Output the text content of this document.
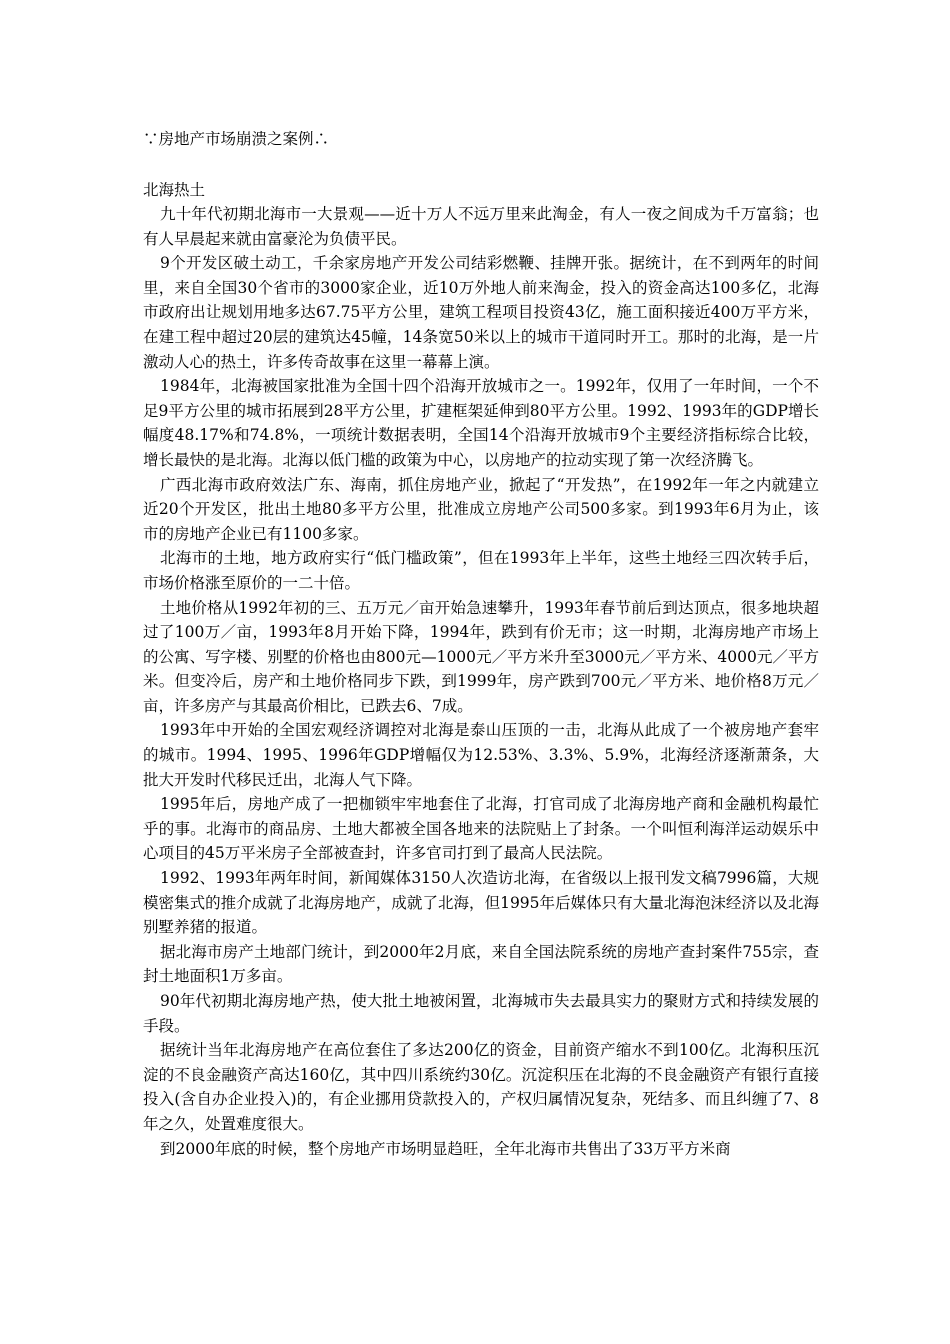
∵房地产市场崩溃之案例∴
北海热土

九十年代初期北海市一大景观——近十万人不远万里来此淘金，有人一夜之间成为千万富翁；也有人早晨起来就由富豪沦为负债平民。

9个开发区破土动工，千余家房地产开发公司结彩燃鞭、挂牌开张。据统计，在不到两年的时间里，来自全国30个省市的3000家企业，近10万外地人前来淘金，投入的资金高达100多亿，北海市政府出让规划用地多达67.75平方公里，建筑工程项目投资43亿，施工面积接近400万平方米，在建工程中超过20层的建筑达45幢，14条宽50米以上的城市干道同时开工。那时的北海，是一片激动人心的热土，许多传奇故事在这里一幕幕上演。

1984年，北海被国家批准为全国十四个沿海开放城市之一。1992年，仅用了一年时间，一个不足9平方公里的城市拓展到28平方公里，扩建框架延伸到80平方公里。1992、1993年的GDP增长幅度48.17%和74.8%，一项统计数据表明，全国14个沿海开放城市9个主要经济指标综合比较，增长最快的是北海。北海以低门槛的政策为中心，以房地产的拉动实现了第一次经济腾飞。

广西北海市政府效法广东、海南，抓住房地产业，掀起了“开发热”，在1992年一年之内就建立近20个开发区，批出土地80多平方公里，批准成立房地产公司500多家。到1993年6月为止，该市的房地产企业已有1100多家。

北海市的土地，地方政府实行“低门槛政策”，但在1993年上半年，这些土地经三四次转手后，市场价格涨至原价的一二十倍。

土地价格从1992年初的三、五万元／亩开始急速攀升，1993年春节前后到达顶点，很多地块超过了100万／亩，1993年8月开始下降，1994年，跌到有价无市；这一时期，北海房地产市场上的公寓、写字楼、别墅的价格也由800元—1000元／平方米升至3000元／平方米、4000元／平方米。但变冷后，房产和土地价格同步下跌，到1999年，房产跌到700元／平方米、地价格8万元／亩，许多房产与其最高价相比，已跌去6、7成。

1993年中开始的全国宏观经济调控对北海是泰山压顶的一击，北海从此成了一个被房地产套牢的城市。1994、1995、1996年GDP增幅仅为12.53%、3.3%、5.9%，北海经济逐渐萧条，大批大开发时代移民迁出，北海人气下降。

1995年后，房地产成了一把枷锁牢牢地套住了北海，打官司成了北海房地产商和金融机构最忙乎的事。北海市的商品房、土地大都被全国各地来的法院贴上了封条。一个叫恒利海洋运动娱乐中心项目的45万平米房子全部被查封，许多官司打到了最高人民法院。

1992、1993年两年时间，新闻媒体3150人次造访北海，在省级以上报刊发文稿7996篇，大规模密集式的推介成就了北海房地产，成就了北海，但1995年后媒体只有大量北海泡沫经济以及北海别墅养猪的报道。

据北海市房产土地部门统计，到2000年2月底，来自全国法院系统的房地产查封案件755宗，查封土地面积1万多亩。

90年代初期北海房地产热，使大批土地被闲置，北海城市失去最具实力的聚财方式和持续发展的手段。

据统计当年北海房地产在高位套住了多达200亿的资金，目前资产缩水不到100亿。北海积压沉淀的不良金融资产高达160亿，其中四川系统约30亿。沉淀积压在北海的不良金融资产有银行直接投入(含自办企业投入)的，有企业挪用贷款投入的，产权归属情况复杂，死结多、而且纠缠了7、8年之久，处置难度很大。

到2000年底的时候，整个房地产市场明显趋旺，全年北海市共售出了33万平方米商
